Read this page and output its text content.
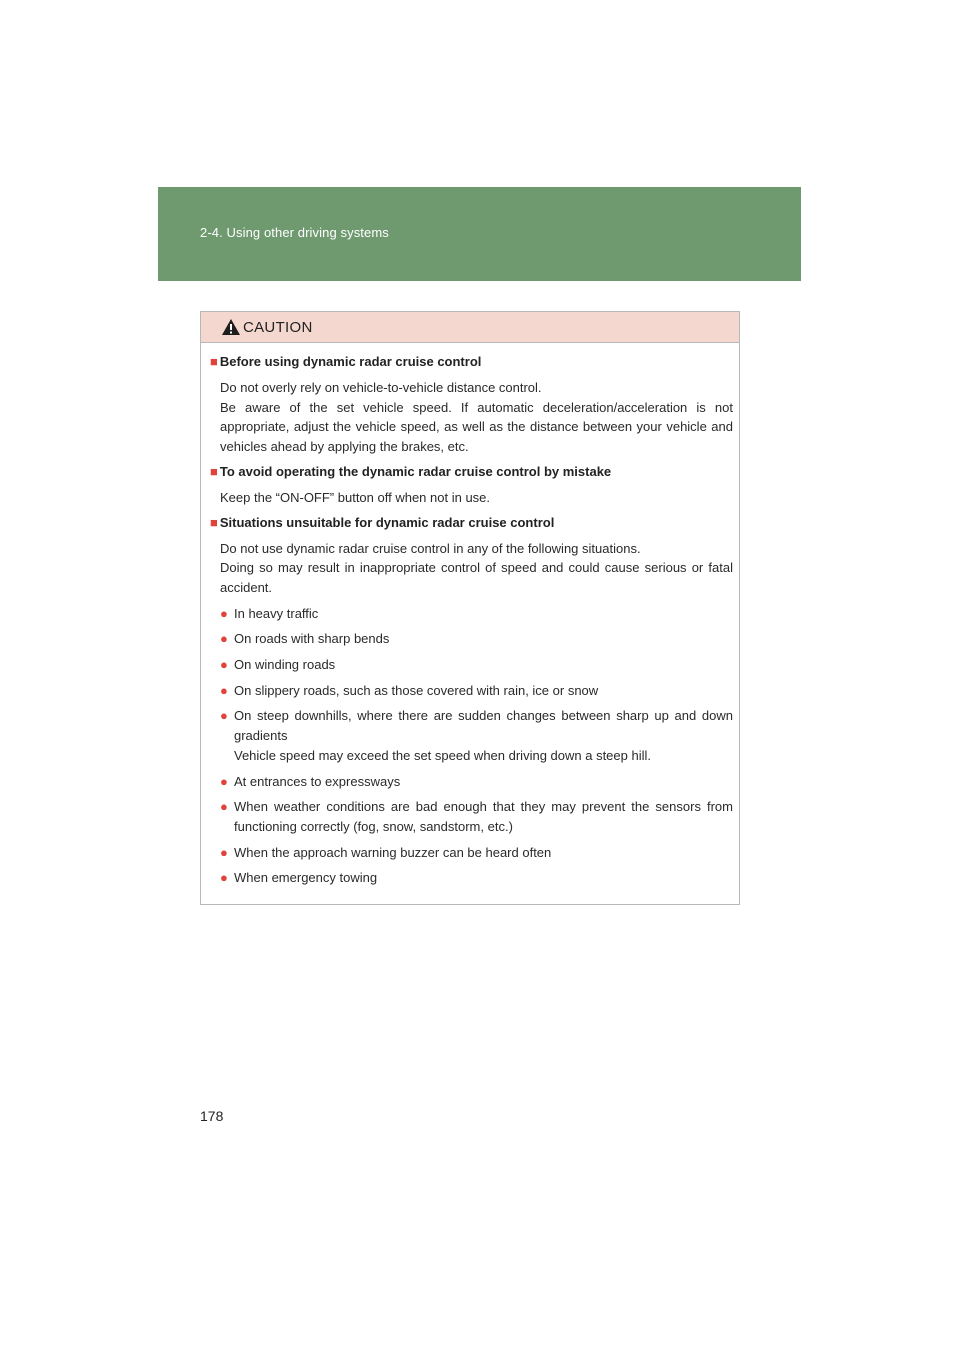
2-4. Using other driving systems
CAUTION
■ Before using dynamic radar cruise control
Do not overly rely on vehicle-to-vehicle distance control.
Be aware of the set vehicle speed. If automatic deceleration/acceleration is not appropriate, adjust the vehicle speed, as well as the distance between your vehicle and vehicles ahead by applying the brakes, etc.
■ To avoid operating the dynamic radar cruise control by mistake
Keep the “ON-OFF” button off when not in use.
■ Situations unsuitable for dynamic radar cruise control
Do not use dynamic radar cruise control in any of the following situations.
Doing so may result in inappropriate control of speed and could cause serious or fatal accident.
● In heavy traffic
● On roads with sharp bends
● On winding roads
● On slippery roads, such as those covered with rain, ice or snow
● On steep downhills, where there are sudden changes between sharp up and down gradients
Vehicle speed may exceed the set speed when driving down a steep hill.
● At entrances to expressways
● When weather conditions are bad enough that they may prevent the sensors from functioning correctly (fog, snow, sandstorm, etc.)
● When the approach warning buzzer can be heard often
● When emergency towing
178
